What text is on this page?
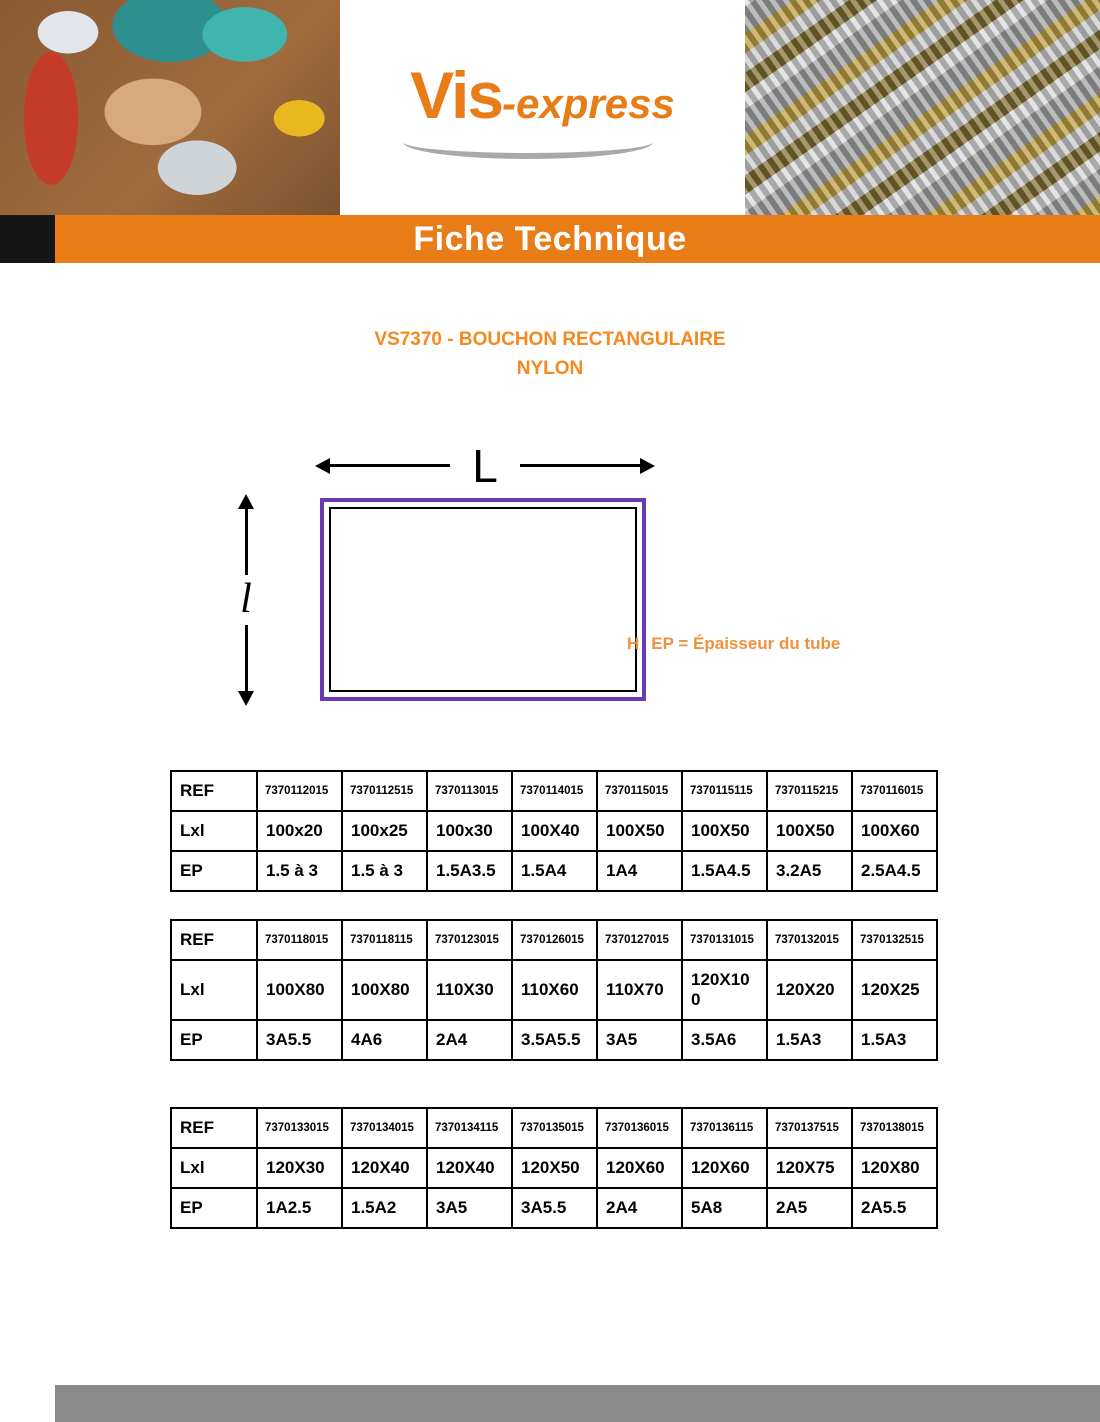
Vis-express
Fiche Technique
VS7370 - BOUCHON RECTANGULAIRE
NYLON
L
l
H EP = Épaisseur du tube
REF	7370112015	7370112515	7370113015	7370114015	7370115015	7370115115	7370115215	7370116015
Lxl	100x20	100x25	100x30	100X40	100X50	100X50	100X50	100X60
EP	1.5 à 3	1.5 à 3	1.5A3.5	1.5A4	1A4	1.5A4.5	3.2A5	2.5A4.5
REF	7370118015	7370118115	7370123015	7370126015	7370127015	7370131015	7370132015	7370132515
Lxl	100X80	100X80	110X30	110X60	110X70	120X100	120X20	120X25
EP	3A5.5	4A6	2A4	3.5A5.5	3A5	3.5A6	1.5A3	1.5A3
REF	7370133015	7370134015	7370134115	7370135015	7370136015	7370136115	7370137515	7370138015
Lxl	120X30	120X40	120X40	120X50	120X60	120X60	120X75	120X80
EP	1A2.5	1.5A2	3A5	3A5.5	2A4	5A8	2A5	2A5.5
